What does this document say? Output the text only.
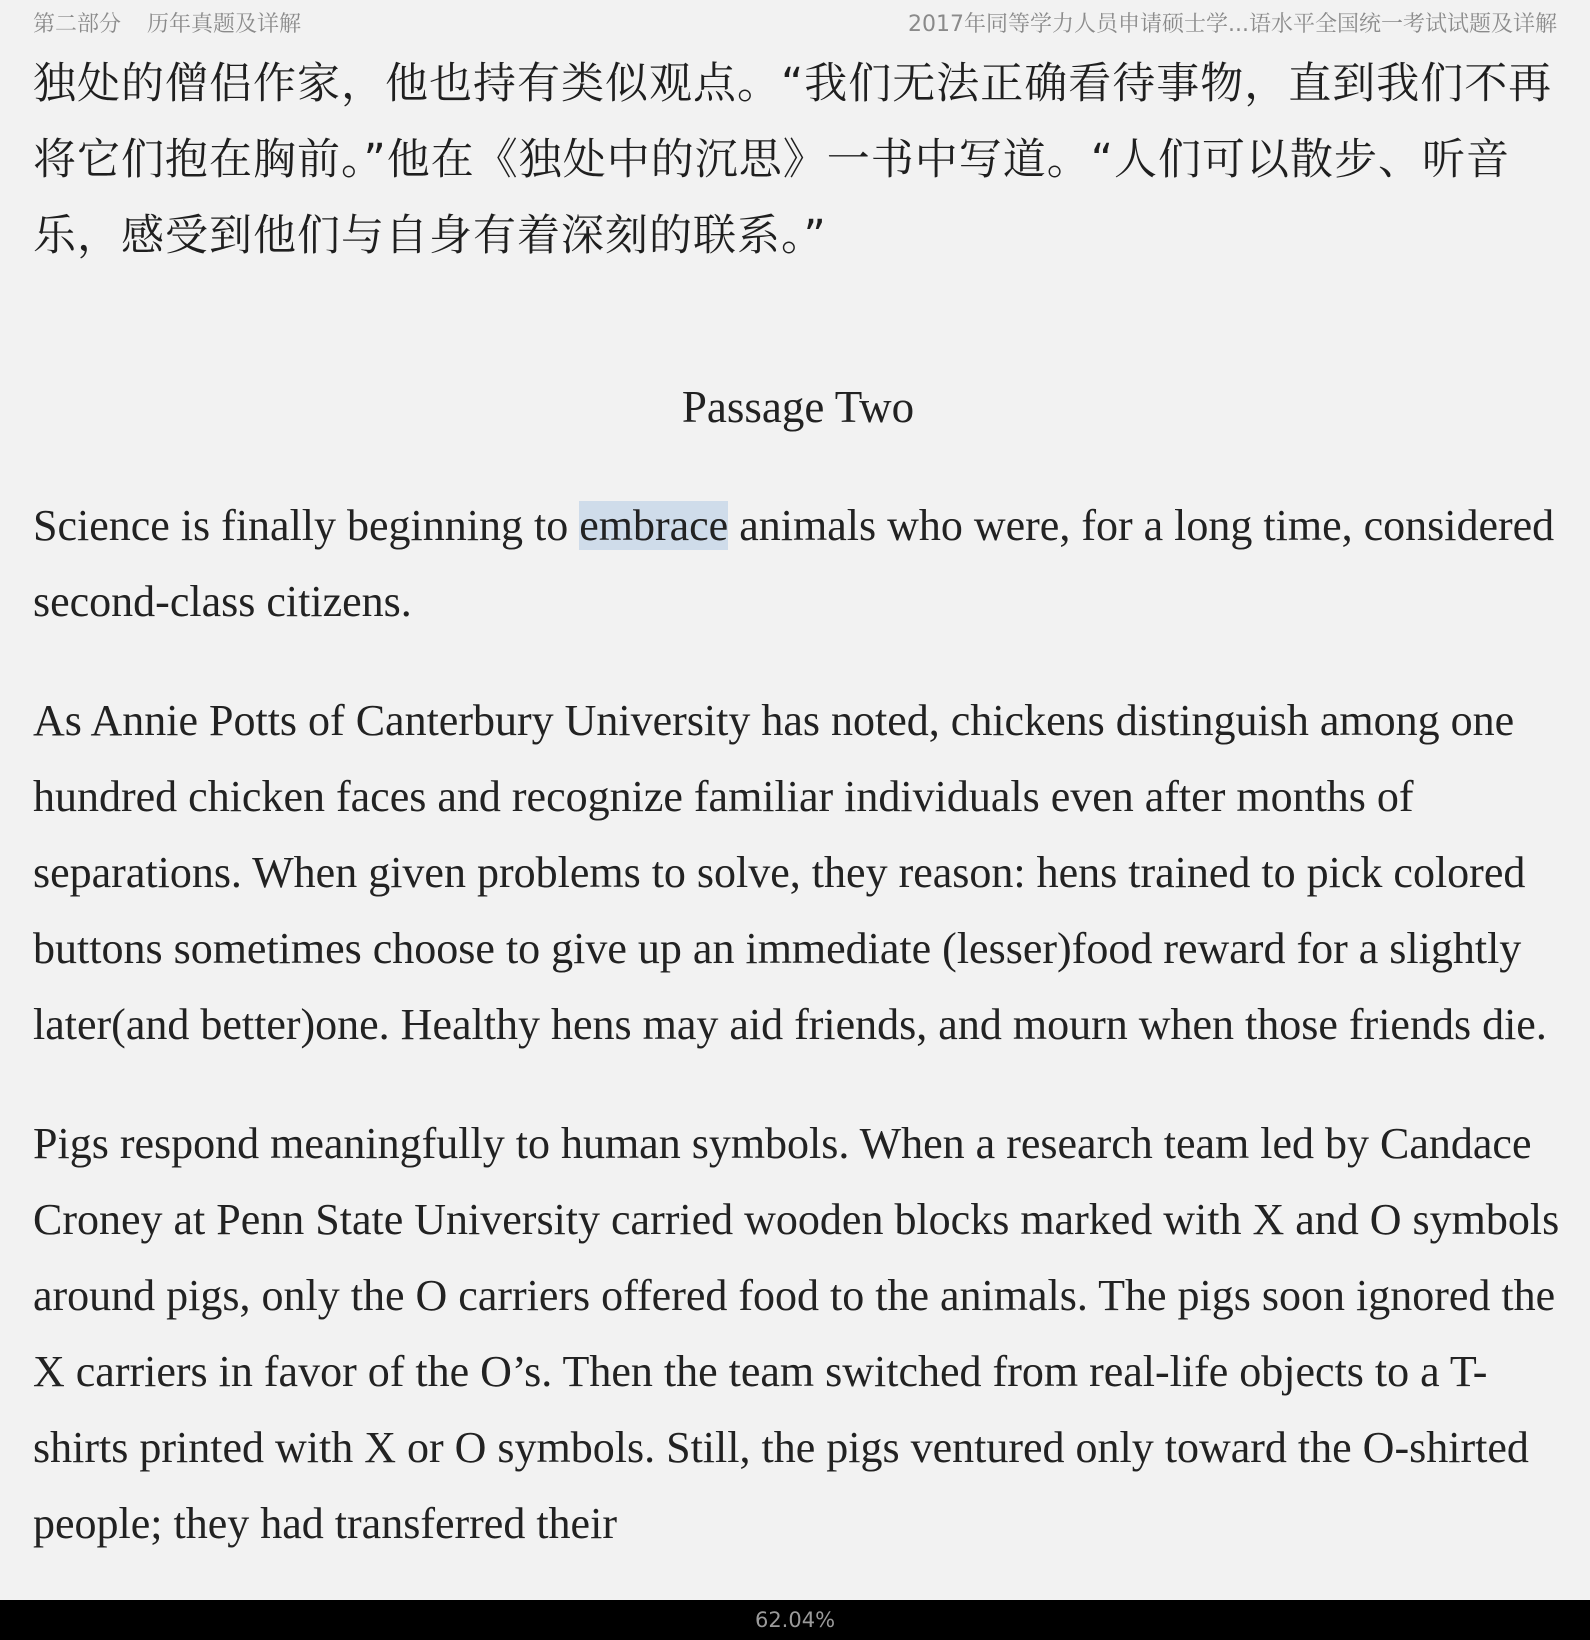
第二部分 历年真题及详解	2017年同等学力人员申请硕士学...语水平全国统一考试试题及详解

独处的僧侣作家，他也持有类似观点。“我们无法正确看待事物，直到我们不再将它们抱在胸前。”他在《独处中的沉思》一书中写道。“人们可以散步、听音乐，感受到他们与自身有着深刻的联系。”

Passage Two

Science is finally beginning to embrace animals who were, for a long time, considered second-class citizens.

As Annie Potts of Canterbury University has noted, chickens distinguish among one hundred chicken faces and recognize familiar individuals even after months of separations. When given problems to solve, they reason: hens trained to pick colored buttons sometimes choose to give up an immediate (lesser)food reward for a slightly later(and better)one. Healthy hens may aid friends, and mourn when those friends die.

Pigs respond meaningfully to human symbols. When a research team led by Candace Croney at Penn State University carried wooden blocks marked with X and O symbols around pigs, only the O carriers offered food to the animals. The pigs soon ignored the X carriers in favor of the O’s. Then the team switched from real-life objects to a T-shirts printed with X or O symbols. Still, the pigs ventured only toward the O-shirted people; they had transferred their

62.04%
